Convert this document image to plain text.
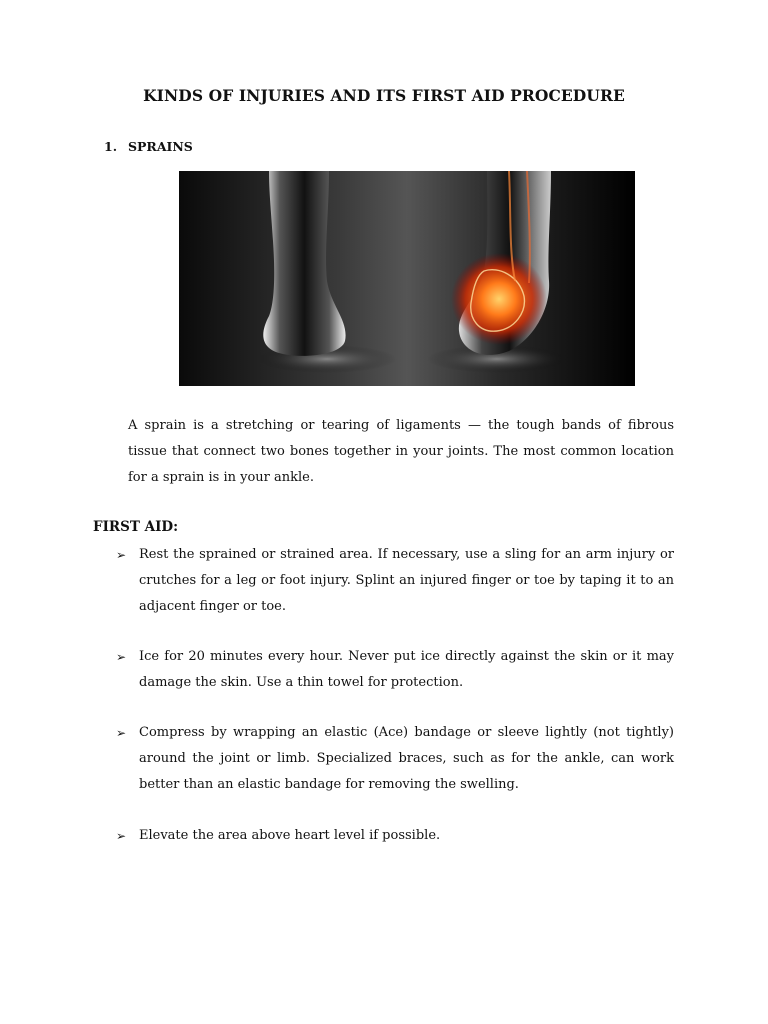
KINDS OF INJURIES AND ITS FIRST AID PROCEDURE
1. SPRAINS

A sprain is a stretching or tearing of ligaments — the tough bands of fibrous tissue that connect two bones together in your joints. The most common location for a sprain is in your ankle.

FIRST AID:
➢ Rest the sprained or strained area. If necessary, use a sling for an arm injury or crutches for a leg or foot injury. Splint an injured finger or toe by taping it to an adjacent finger or toe.

➢ Ice for 20 minutes every hour. Never put ice directly against the skin or it may damage the skin. Use a thin towel for protection.

➢ Compress by wrapping an elastic (Ace) bandage or sleeve lightly (not tightly) around the joint or limb. Specialized braces, such as for the ankle, can work better than an elastic bandage for removing the swelling.

➢ Elevate the area above heart level if possible.
